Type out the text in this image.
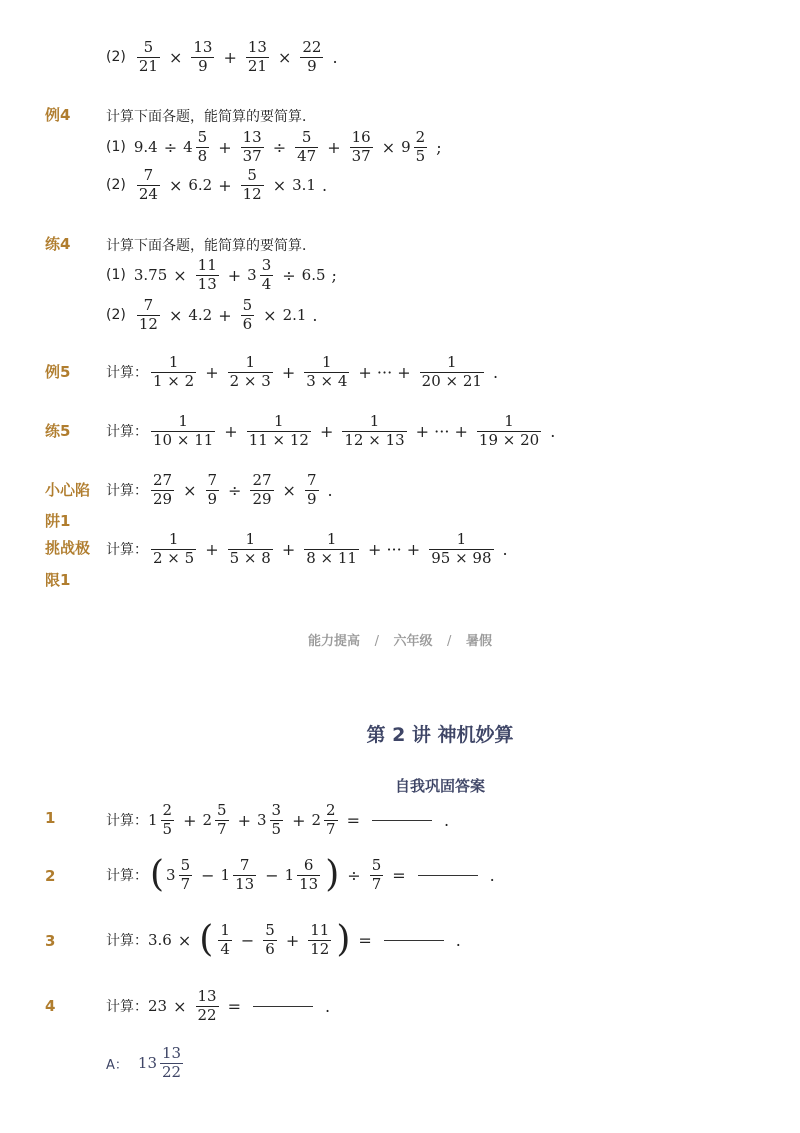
$(2) \frac{5}{21} \times \frac{13}{9} + \frac{13}{21} \times \frac{22}{9}$ .
例4	计算下面各题，能简算的要简算．
(1) $9.4 \div 4 \frac{5}{8} + \frac{13}{37} \div \frac{5}{47} + \frac{16}{37} \times 9 \frac{2}{5}$ ;
$(2) \frac{7}{24} \times 6.2 + \frac{5}{12} \times 3.1$ .
练4	计算下面各题，能简算的要简算．
(1) $3.75 \times \frac{11}{13} + 3 \frac{3}{4} \div 6.5$ ;
$(2) \frac{7}{12} \times 4.2 + \frac{5}{6} \times 2.1$ .
例5	计算： $\frac{1}{1 \times 2} + \frac{1}{2 \times 3} + \frac{1}{3 \times 4}$ + ··· + $\frac{1}{20 \times 21}$ .
练5	计算： $\frac{1}{10 \times 11} + \frac{1}{11 \times 12} + \frac{1}{12 \times 13}$ + ··· + $\frac{1}{19 \times 20}$ .
小心陷
阱1
计算： $\frac{27}{29} \times \frac{7}{9} \div \frac{27}{29} \times \frac{7}{9}$ .
挑战极
限1
计算： $\frac{1}{2 \times 5} + \frac{1}{5 \times 8} + \frac{1}{8 \times 11}$ + ··· + $\frac{1}{95 \times 98}$ .
能力提高 / 六年级 / 暑假
第 2 讲 神机妙算
自我巩固答案
1	计算： $1 \frac{2}{5} + 2 \frac{5}{7} + 3 \frac{3}{5} + 2 \frac{2}{7}$ =	.
2	计算： ( $3 \frac{5}{7} - 1 \frac{7}{13} - 1 \frac{6}{13}$ ) ÷ $\frac{5}{7}$ =	.
3	计算： 3.6 × ( $\frac{1}{4} - \frac{5}{6} + \frac{11}{12}$ ) =	.
4	计算： $23 \times \frac{13}{22}$ =	.
A： $13 \frac{13}{22}$
